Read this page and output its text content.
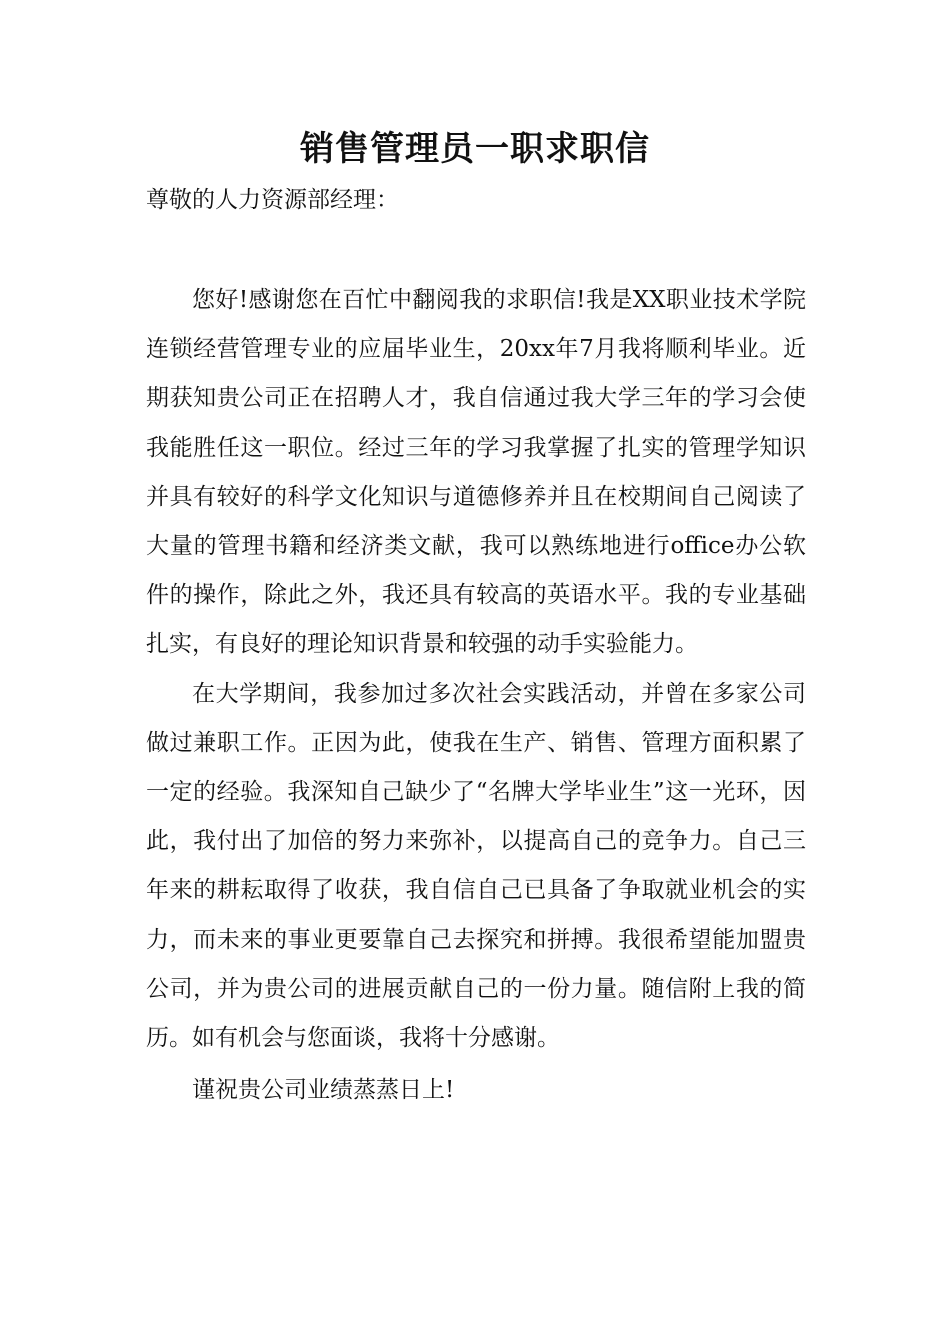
销售管理员一职求职信

尊敬的人力资源部经理：

您好!感谢您在百忙中翻阅我的求职信!我是XX职业技术学院连锁经营管理专业的应届毕业生，20xx年7月我将顺利毕业。近期获知贵公司正在招聘人才，我自信通过我大学三年的学习会使我能胜任这一职位。经过三年的学习我掌握了扎实的管理学知识并具有较好的科学文化知识与道德修养并且在校期间自己阅读了大量的管理书籍和经济类文献，我可以熟练地进行office办公软件的操作，除此之外，我还具有较高的英语水平。我的专业基础扎实，有良好的理论知识背景和较强的动手实验能力。

在大学期间，我参加过多次社会实践活动，并曾在多家公司做过兼职工作。正因为此，使我在生产、销售、管理方面积累了一定的经验。我深知自己缺少了“名牌大学毕业生”这一光环，因此，我付出了加倍的努力来弥补，以提高自己的竞争力。自己三年来的耕耘取得了收获，我自信自己已具备了争取就业机会的实力，而未来的事业更要靠自己去探究和拼搏。我很希望能加盟贵公司，并为贵公司的进展贡献自己的一份力量。随信附上我的简历。如有机会与您面谈，我将十分感谢。

谨祝贵公司业绩蒸蒸日上!
